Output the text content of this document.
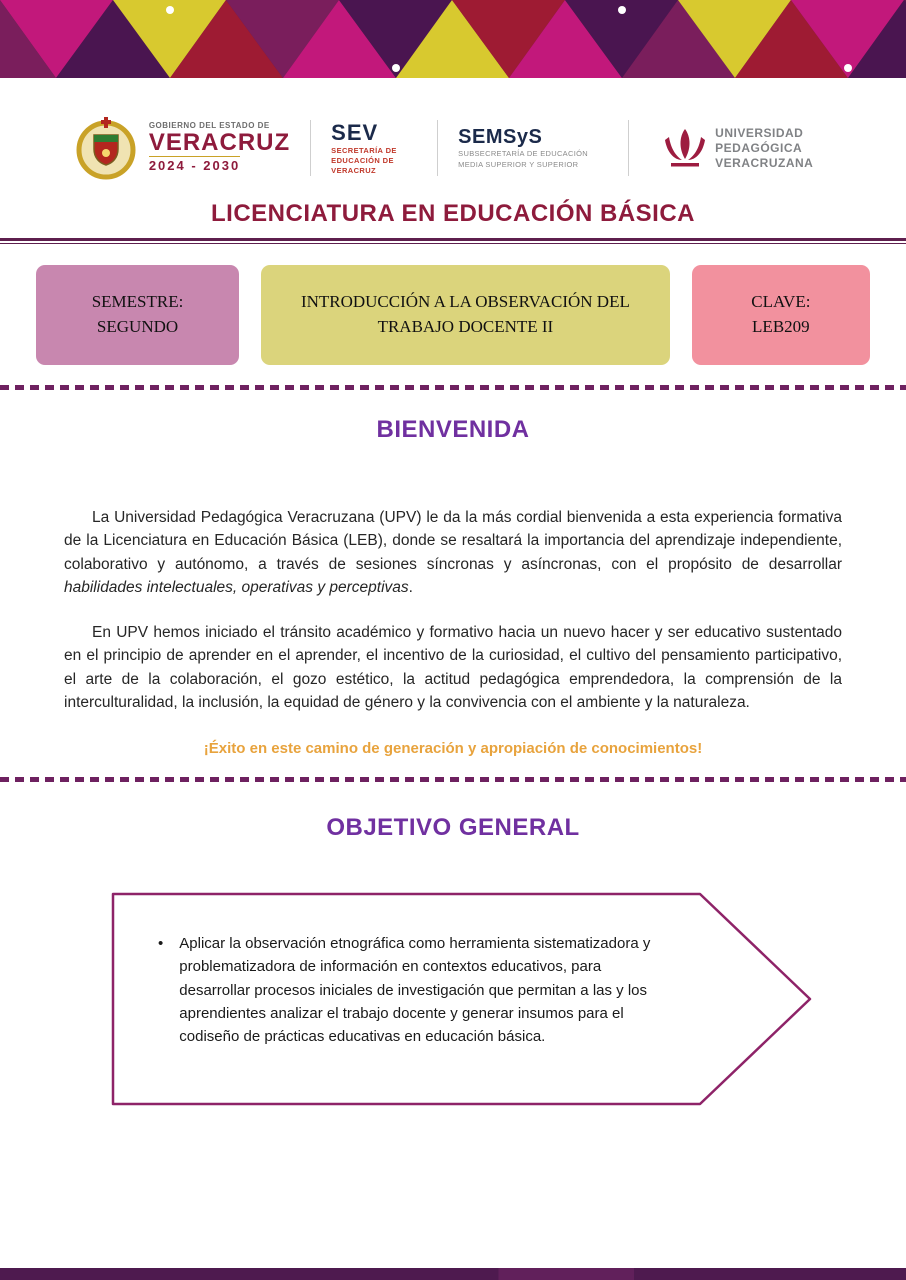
GOBIERNO DEL ESTADO DE
VERACRUZ
2024 - 2030
SEV
SECRETARÍA DE EDUCACIÓN DE VERACRUZ
SEMSyS
SUBSECRETARÍA DE EDUCACIÓN MEDIA SUPERIOR Y SUPERIOR
UNIVERSIDAD PEDAGÓGICA VERACRUZANA
LICENCIATURA EN EDUCACIÓN BÁSICA
SEMESTRE:
SEGUNDO
INTRODUCCIÓN A LA OBSERVACIÓN DEL TRABAJO DOCENTE II
CLAVE:
LEB209
BIENVENIDA

La Universidad Pedagógica Veracruzana (UPV) le da la más cordial bienvenida a esta experiencia formativa de la Licenciatura en Educación Básica (LEB), donde se resaltará la importancia del aprendizaje independiente, colaborativo y autónomo, a través de sesiones síncronas y asíncronas, con el propósito de desarrollar habilidades intelectuales, operativas y perceptivas.

En UPV hemos iniciado el tránsito académico y formativo hacia un nuevo hacer y ser educativo sustentado en el principio de aprender en el aprender, el incentivo de la curiosidad, el cultivo del pensamiento participativo, el arte de la colaboración, el gozo estético, la actitud pedagógica emprendedora, la comprensión de la interculturalidad, la inclusión, la equidad de género y la convivencia con el ambiente y la naturaleza.

¡Éxito en este camino de generación y apropiación de conocimientos!

OBJETIVO GENERAL
• Aplicar la observación etnográfica como herramienta sistematizadora y problematizadora de información en contextos educativos, para desarrollar procesos iniciales de investigación que permitan a las y los aprendientes analizar el trabajo docente y generar insumos para el codiseño de prácticas educativas en educación básica.
